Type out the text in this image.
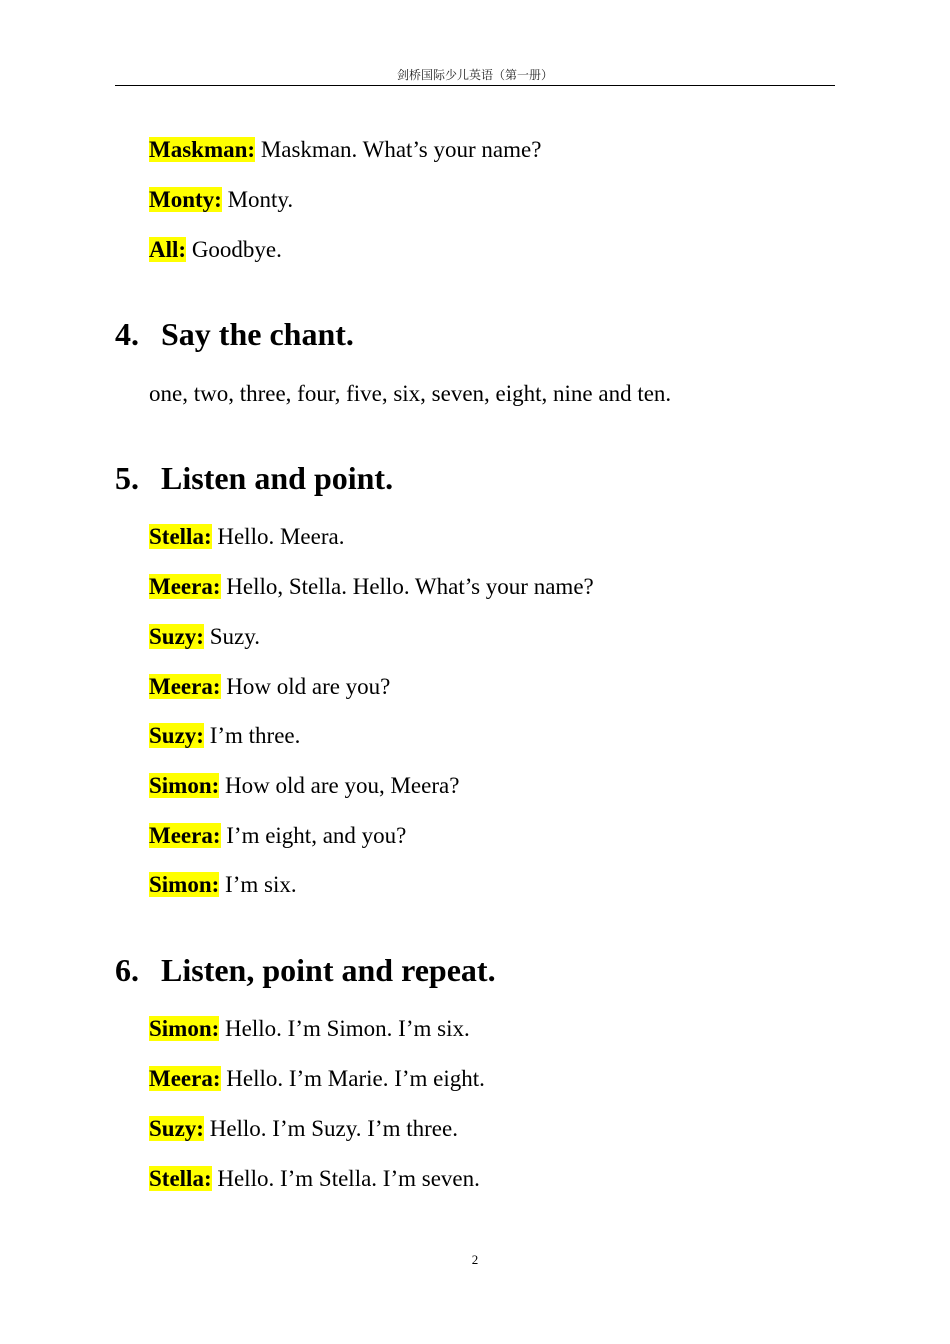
剑桥国际少儿英语（第一册）
Maskman: Maskman. What’s your name?
Monty: Monty.
All: Goodbye.
4. Say the chant.
one, two, three, four, five, six, seven, eight, nine and ten.
5. Listen and point.
Stella: Hello. Meera.
Meera: Hello, Stella. Hello. What’s your name?
Suzy: Suzy.
Meera: How old are you?
Suzy: I’m three.
Simon: How old are you, Meera?
Meera: I’m eight, and you?
Simon: I’m six.
6. Listen, point and repeat.
Simon: Hello. I’m Simon. I’m six.
Meera: Hello. I’m Marie. I’m eight.
Suzy: Hello. I’m Suzy. I’m three.
Stella: Hello. I’m Stella. I’m seven.
2
